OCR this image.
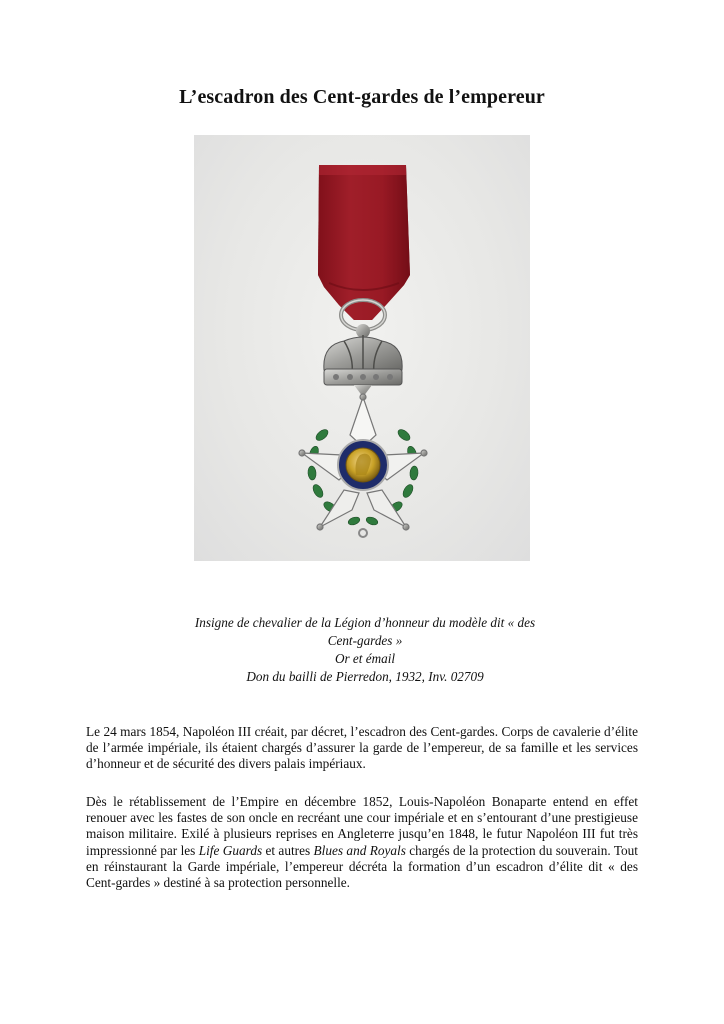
L’escadron des Cent-gardes de l’empereur
Insigne de chevalier de la Légion d’honneur du modèle dit « des
Cent-gardes »
Or et émail
Don du bailli de Pierredon, 1932, Inv. 02709

Le 24 mars 1854, Napoléon III créait, par décret, l’escadron des Cent-gardes. Corps de cavalerie d’élite de l’armée impériale, ils étaient chargés d’assurer la garde de l’empereur, de sa famille et les services d’honneur et de sécurité des divers palais impériaux.

Dès le rétablissement de l’Empire en décembre 1852, Louis-Napoléon Bonaparte entend en effet renouer avec les fastes de son oncle en recréant une cour impériale et en s’entourant d’une prestigieuse maison militaire. Exilé à plusieurs reprises en Angleterre jusqu’en 1848, le futur Napoléon III fut très impressionné par les Life Guards et autres Blues and Royals chargés de la protection du souverain. Tout en réinstaurant la Garde impériale, l’empereur décréta la formation d’un escadron d’élite dit « des Cent-gardes » destiné à sa protection personnelle.
